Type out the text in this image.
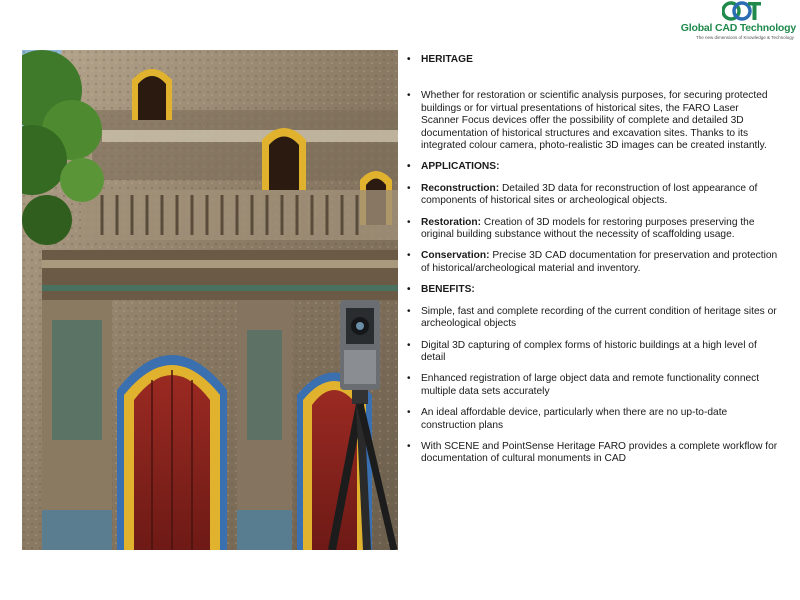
Global CAD Technology
The new dimensions of Knowledge & Technology
• HERITAGE
• Whether for restoration or scientific analysis purposes, for securing protected buildings or for virtual presentations of historical sites, the FARO Laser Scanner Focus devices offer the possibility of complete and detailed 3D documentation of historical structures and excavation sites. Thanks to its integrated colour camera, photo-realistic 3D images can be created instantly.
• APPLICATIONS:
• Reconstruction: Detailed 3D data for reconstruction of lost appearance of components of historical sites or archeological objects.
• Restoration: Creation of 3D models for restoring purposes preserving the original building substance without the necessity of scaffolding usage.
• Conservation: Precise 3D CAD documentation for preservation and protection of historical/archeological material and inventory.
• BENEFITS:
• Simple, fast and complete recording of the current condition of heritage sites or archeological objects
• Digital 3D capturing of complex forms of historic buildings at a high level of detail
• Enhanced registration of large object data and remote functionality connect multiple data sets accurately
• An ideal affordable device, particularly when there are no up-to-date construction plans
• With SCENE and PointSense Heritage FARO provides a complete workflow for documentation of cultural monuments in CAD
